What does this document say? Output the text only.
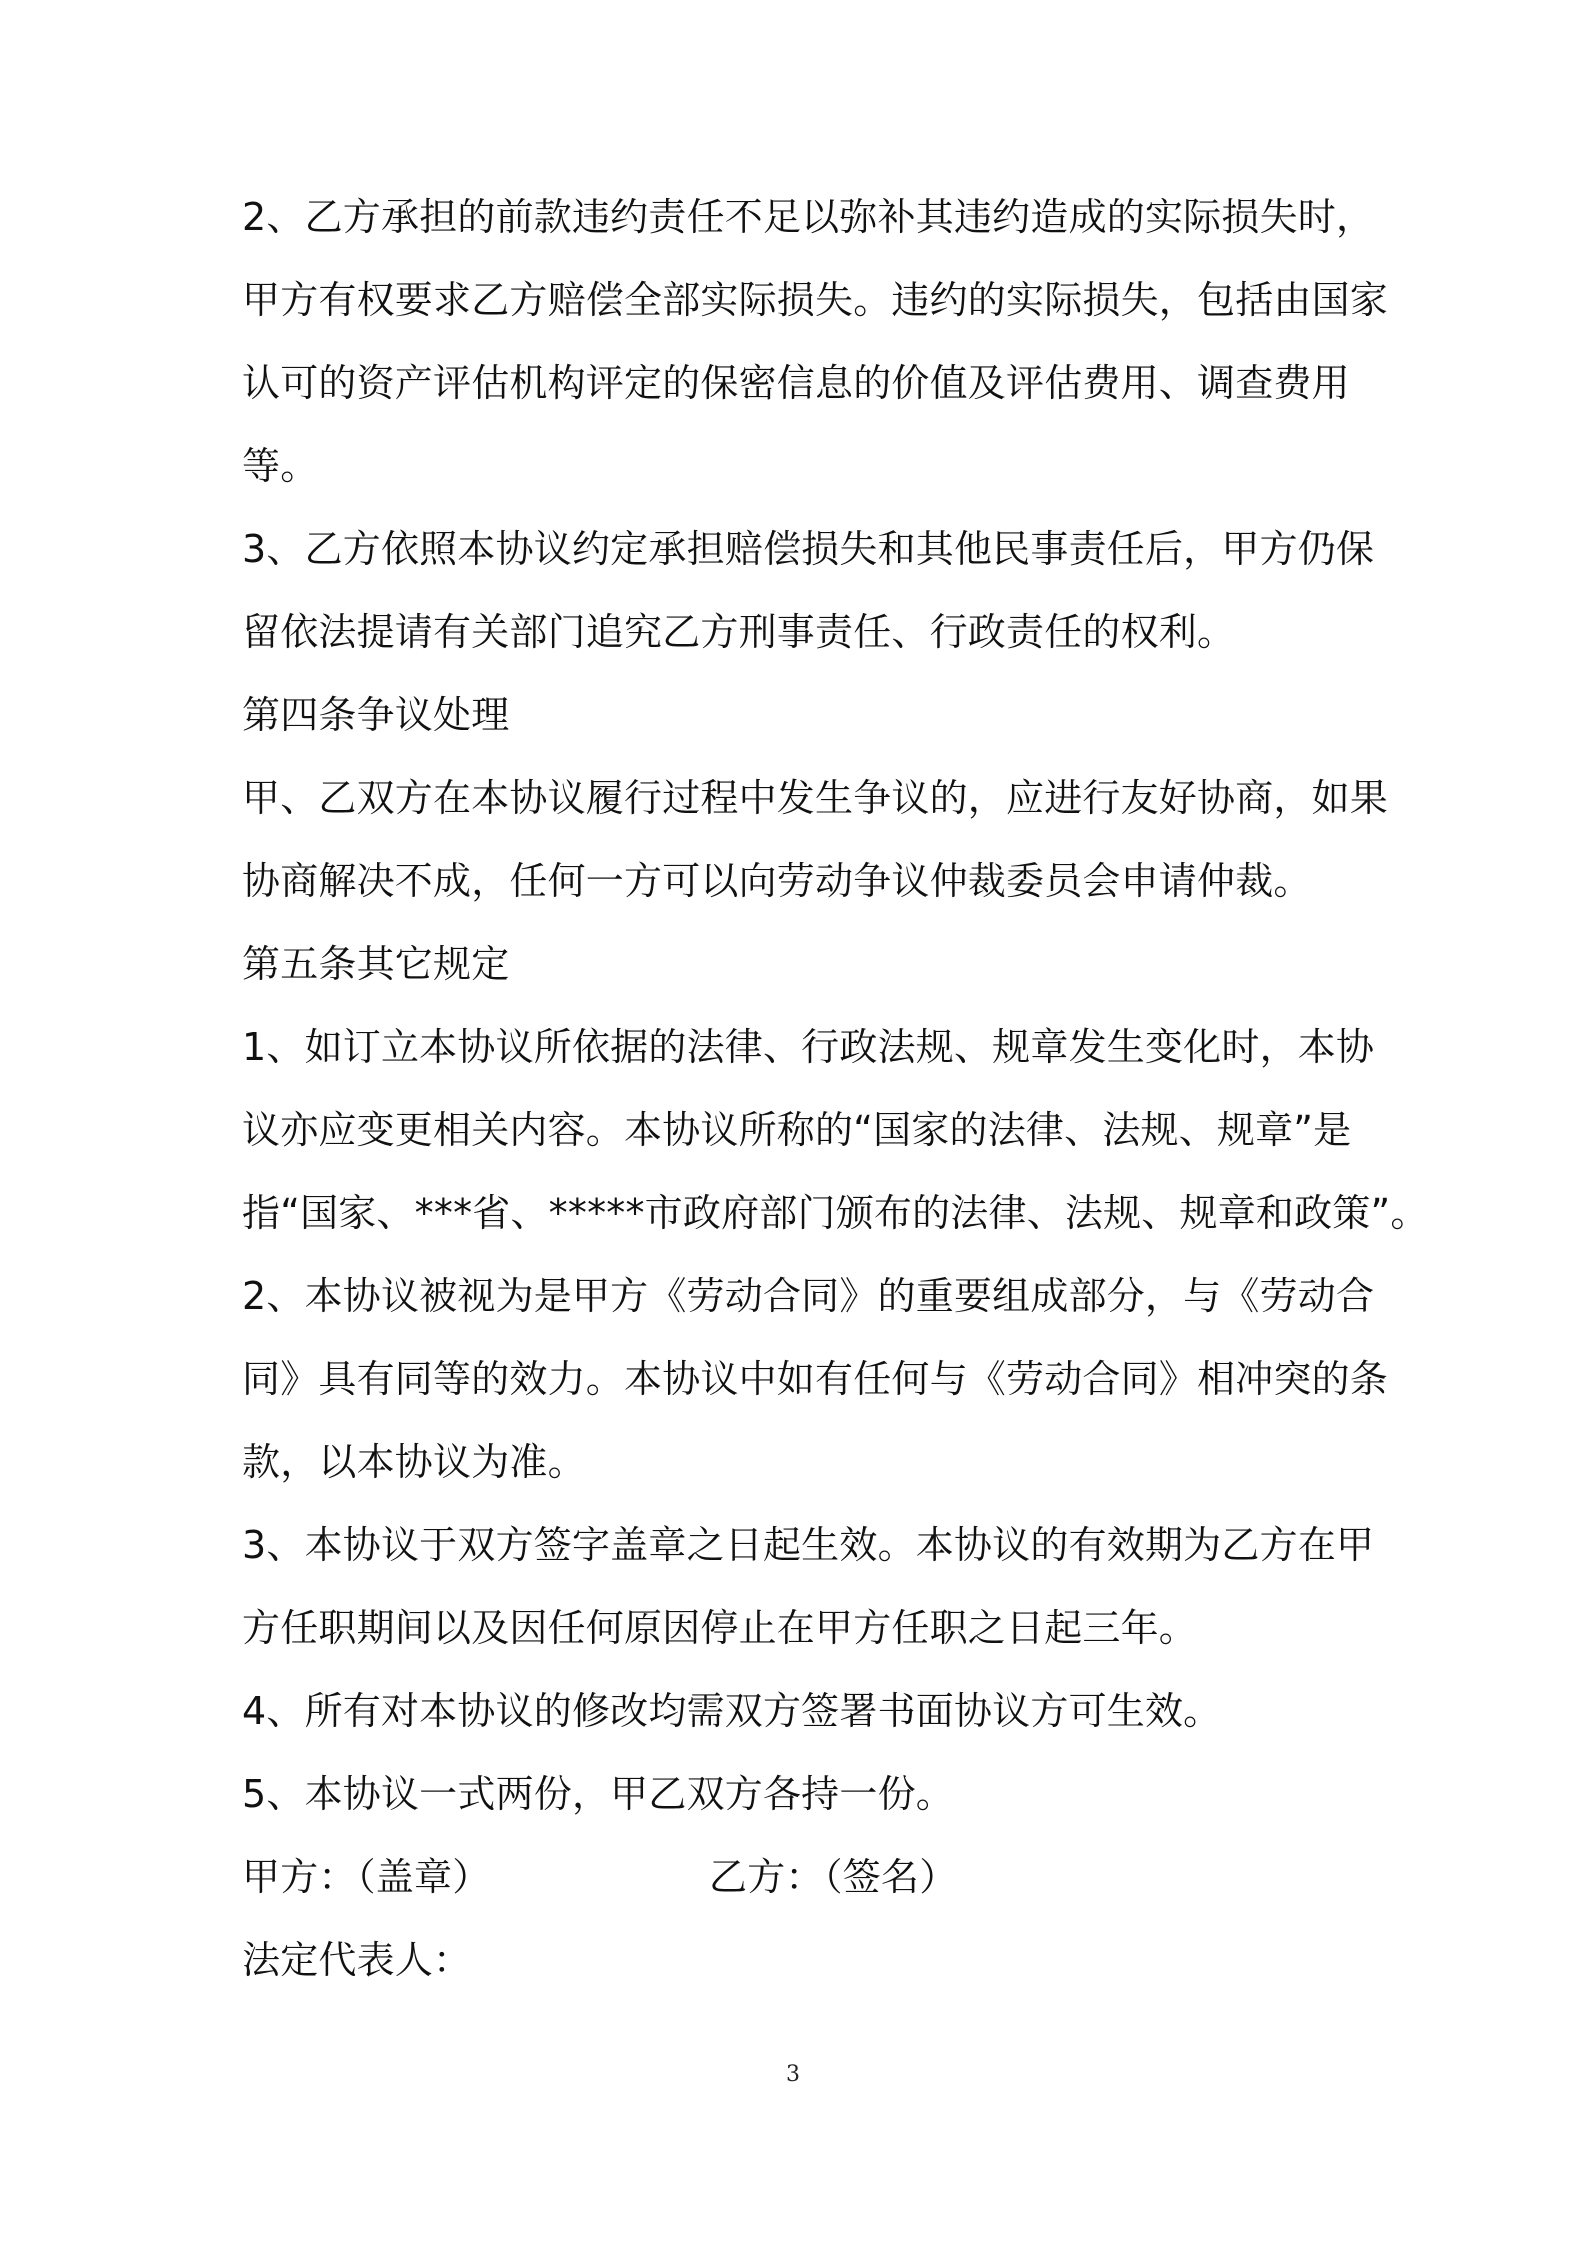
2、乙方承担的前款违约责任不足以弥补其违约造成的实际损失时，
甲方有权要求乙方赔偿全部实际损失。违约的实际损失，包括由国家
认可的资产评估机构评定的保密信息的价值及评估费用、调查费用
等。
3、乙方依照本协议约定承担赔偿损失和其他民事责任后，甲方仍保
留依法提请有关部门追究乙方刑事责任、行政责任的权利。
第四条争议处理
甲、乙双方在本协议履行过程中发生争议的，应进行友好协商，如果
协商解决不成，任何一方可以向劳动争议仲裁委员会申请仲裁。
第五条其它规定
1、如订立本协议所依据的法律、行政法规、规章发生变化时，本协
议亦应变更相关内容。本协议所称的“国家的法律、法规、规章”是
指“国家、***省、*****市政府部门颁布的法律、法规、规章和政策”。
2、本协议被视为是甲方《劳动合同》的重要组成部分，与《劳动合
同》具有同等的效力。本协议中如有任何与《劳动合同》相冲突的条
款，以本协议为准。
3、本协议于双方签字盖章之日起生效。本协议的有效期为乙方在甲
方任职期间以及因任何原因停止在甲方任职之日起三年。
4、所有对本协议的修改均需双方签署书面协议方可生效。
5、本协议一式两份，甲乙双方各持一份。
甲方：（盖章）	乙方：（签名）
法定代表人：
3
